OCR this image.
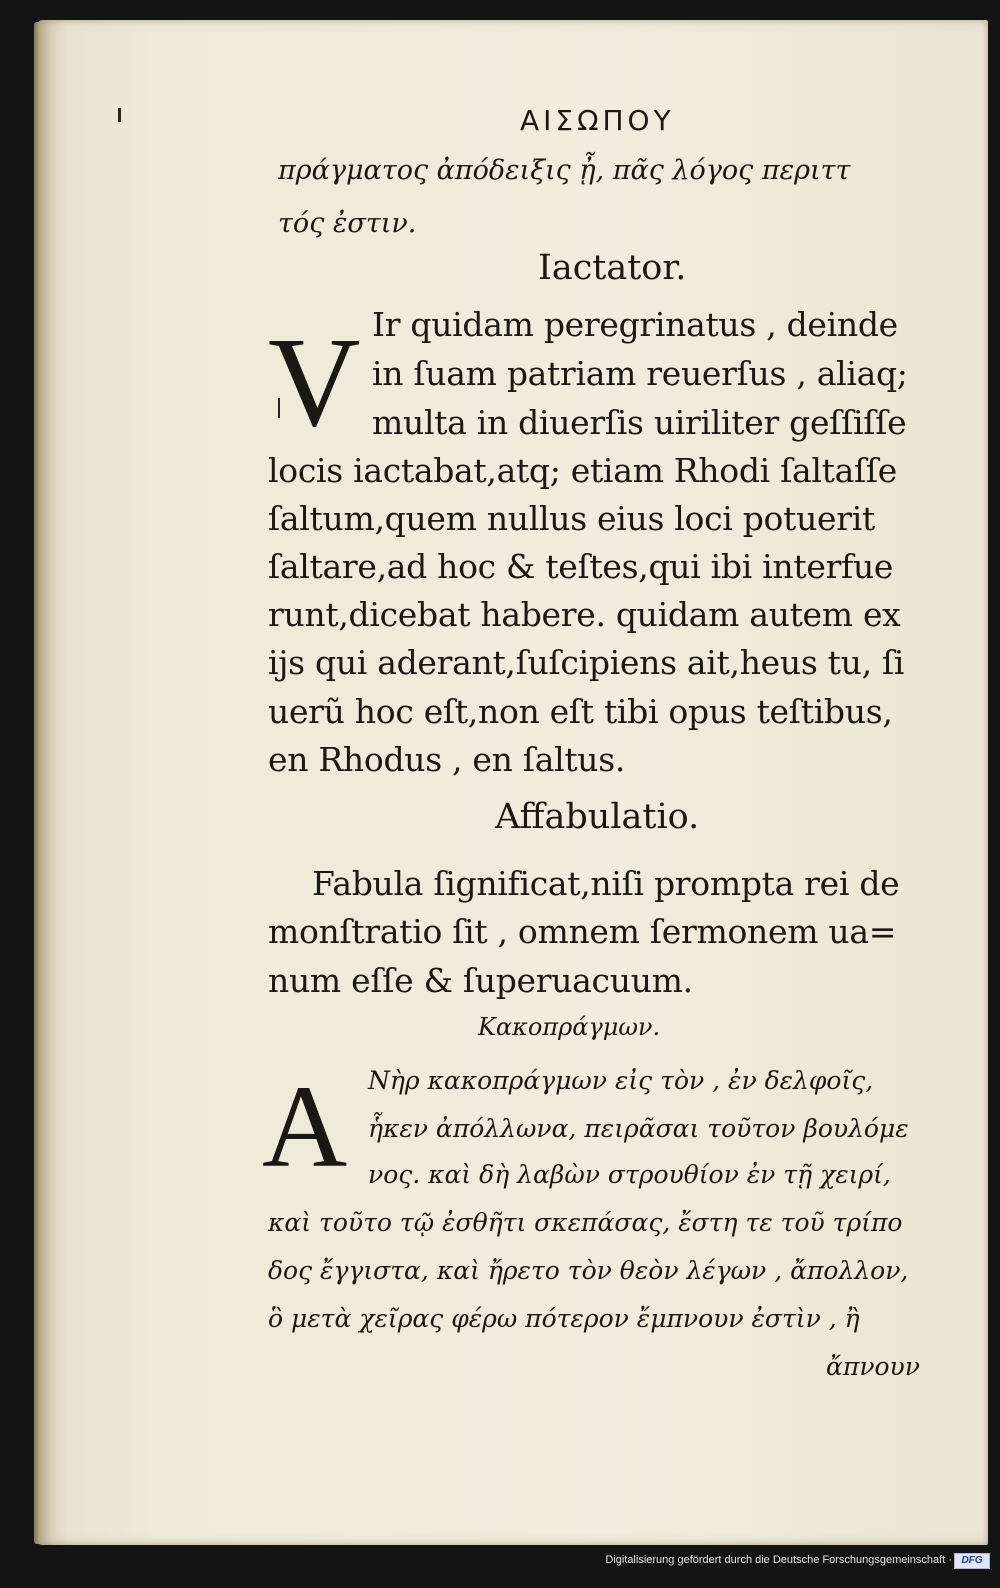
ΑΙΣΩΠΟΥ

πράγματος ἀπόδειξις ᾖ, πᾶς λόγος περιττ

τός ἐστιν.

Iactator.

V Ir quidam peregrinatus , deinde

in ſuam patriam reuerſus , aliaq;

multa in diuerſis uiriliter geſſiſſe

locis iactabat,atq; etiam Rhodi ſaltaſſe

ſaltum,quem nullus eius loci potuerit

ſaltare,ad hoc & teſtes,qui ibi interfue

runt,dicebat habere. quidam autem ex

ijs qui aderant,ſuſcipiens ait,heus tu, ſi

uerũ hoc eſt,non eſt tibi opus teſtibus,

en Rhodus , en ſaltus.

Affabulatio.

Fabula ſignificat,niſi prompta rei de

monſtratio ſit , omnem ſermonem ua=

num eſſe & ſuperuacuum.

Κακοπράγμων.

A Νὴρ κακοπράγμων εἰς τὸν , ἐν δελφοῖς,

ἧκεν ἀπόλλωνα, πειρᾶσαι τοῦτον βουλόμε

νος. καὶ δὴ λαβὼν στρουθίον ἐν τῇ χειρί,

καὶ τοῦτο τῷ ἐσθῆτι σκεπάσας, ἔστη τε τοῦ τρίπο

δος ἔγγιστα, καὶ ἤρετο τὸν θεὸν λέγων , ἄπολλον,

ὃ μετὰ χεῖρας φέρω πότερον ἔμπνουν ἐστὶν , ἢ

ἄπνουν

Digitalisierung gefördert durch die Deutsche Forschungsgemeinschaft · DFG
